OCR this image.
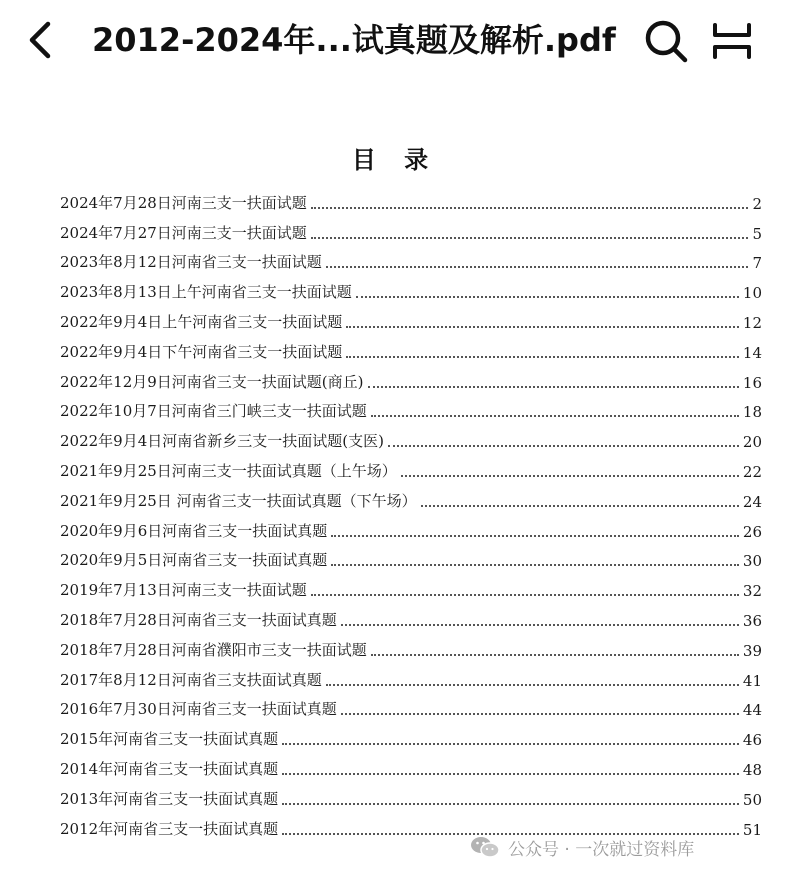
2012-2024年...试真题及解析.pdf
目 录
2024年7月28日河南三支一扶面试题	2
2024年7月27日河南三支一扶面试题	5
2023年8月12日河南省三支一扶面试题	7
2023年8月13日上午河南省三支一扶面试题	10
2022年9月4日上午河南省三支一扶面试题	12
2022年9月4日下午河南省三支一扶面试题	14
2022年12月9日河南省三支一扶面试题(商丘)	16
2022年10月7日河南省三门峡三支一扶面试题	18
2022年9月4日河南省新乡三支一扶面试题(支医)	20
2021年9月25日河南三支一扶面试真题（上午场）	22
2021年9月25日 河南省三支一扶面试真题（下午场）	24
2020年9月6日河南省三支一扶面试真题	26
2020年9月5日河南省三支一扶面试真题	30
2019年7月13日河南三支一扶面试题	32
2018年7月28日河南省三支一扶面试真题	36
2018年7月28日河南省濮阳市三支一扶面试题	39
2017年8月12日河南省三支扶面试真题	41
2016年7月30日河南省三支一扶面试真题	44
2015年河南省三支一扶面试真题	46
2014年河南省三支一扶面试真题	48
2013年河南省三支一扶面试真题	50
2012年河南省三支一扶面试真题	51
公众号 · 一次就过资料库
